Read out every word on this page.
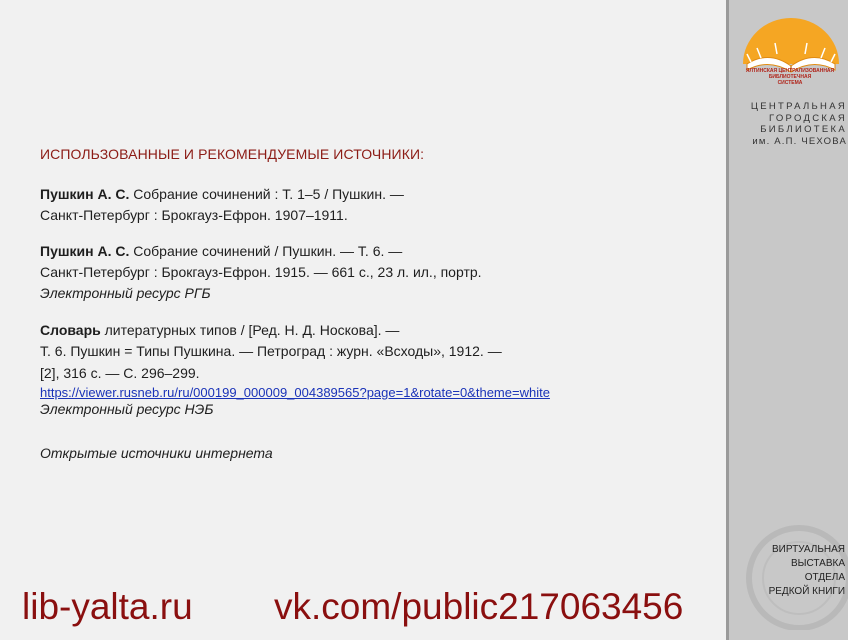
ИСПОЛЬЗОВАННЫЕ И РЕКОМЕНДУЕМЫЕ ИСТОЧНИКИ:
Пушкин А. С. Собрание сочинений : Т. 1–5 / Пушкин. —
Санкт-Петербург : Брокгауз-Ефрон. 1907–1911.
Пушкин А. С. Собрание сочинений / Пушкин. — Т. 6. —
Санкт-Петербург : Брокгауз-Ефрон. 1915. — 661 с., 23 л. ил., портр.
Электронный ресурс РГБ
Словарь литературных типов / [Ред. Н. Д. Носкова]. —
Т. 6. Пушкин = Типы Пушкина. — Петроград : журн. «Всходы», 1912. —
[2], 316 с. — С. 296–299.
https://viewer.rusneb.ru/ru/000199_000009_004389565?page=1&rotate=0&theme=white
Электронный ресурс НЭБ
Открытые источники интернета
lib-yalta.ru vk.com/public217063456
ЯЛТИНСКАЯ ЦЕНТРАЛИЗОВАННАЯ
БИБЛИОТЕЧНАЯ
СИСТЕМА
ЦЕНТРАЛЬНАЯ
ГОРОДСКАЯ
БИБЛИОТЕКА
им. А.П. ЧЕХОВА
ВИРТУАЛЬНАЯ
ВЫСТАВКА
ОТДЕЛА
РЕДКОЙ КНИГИ
